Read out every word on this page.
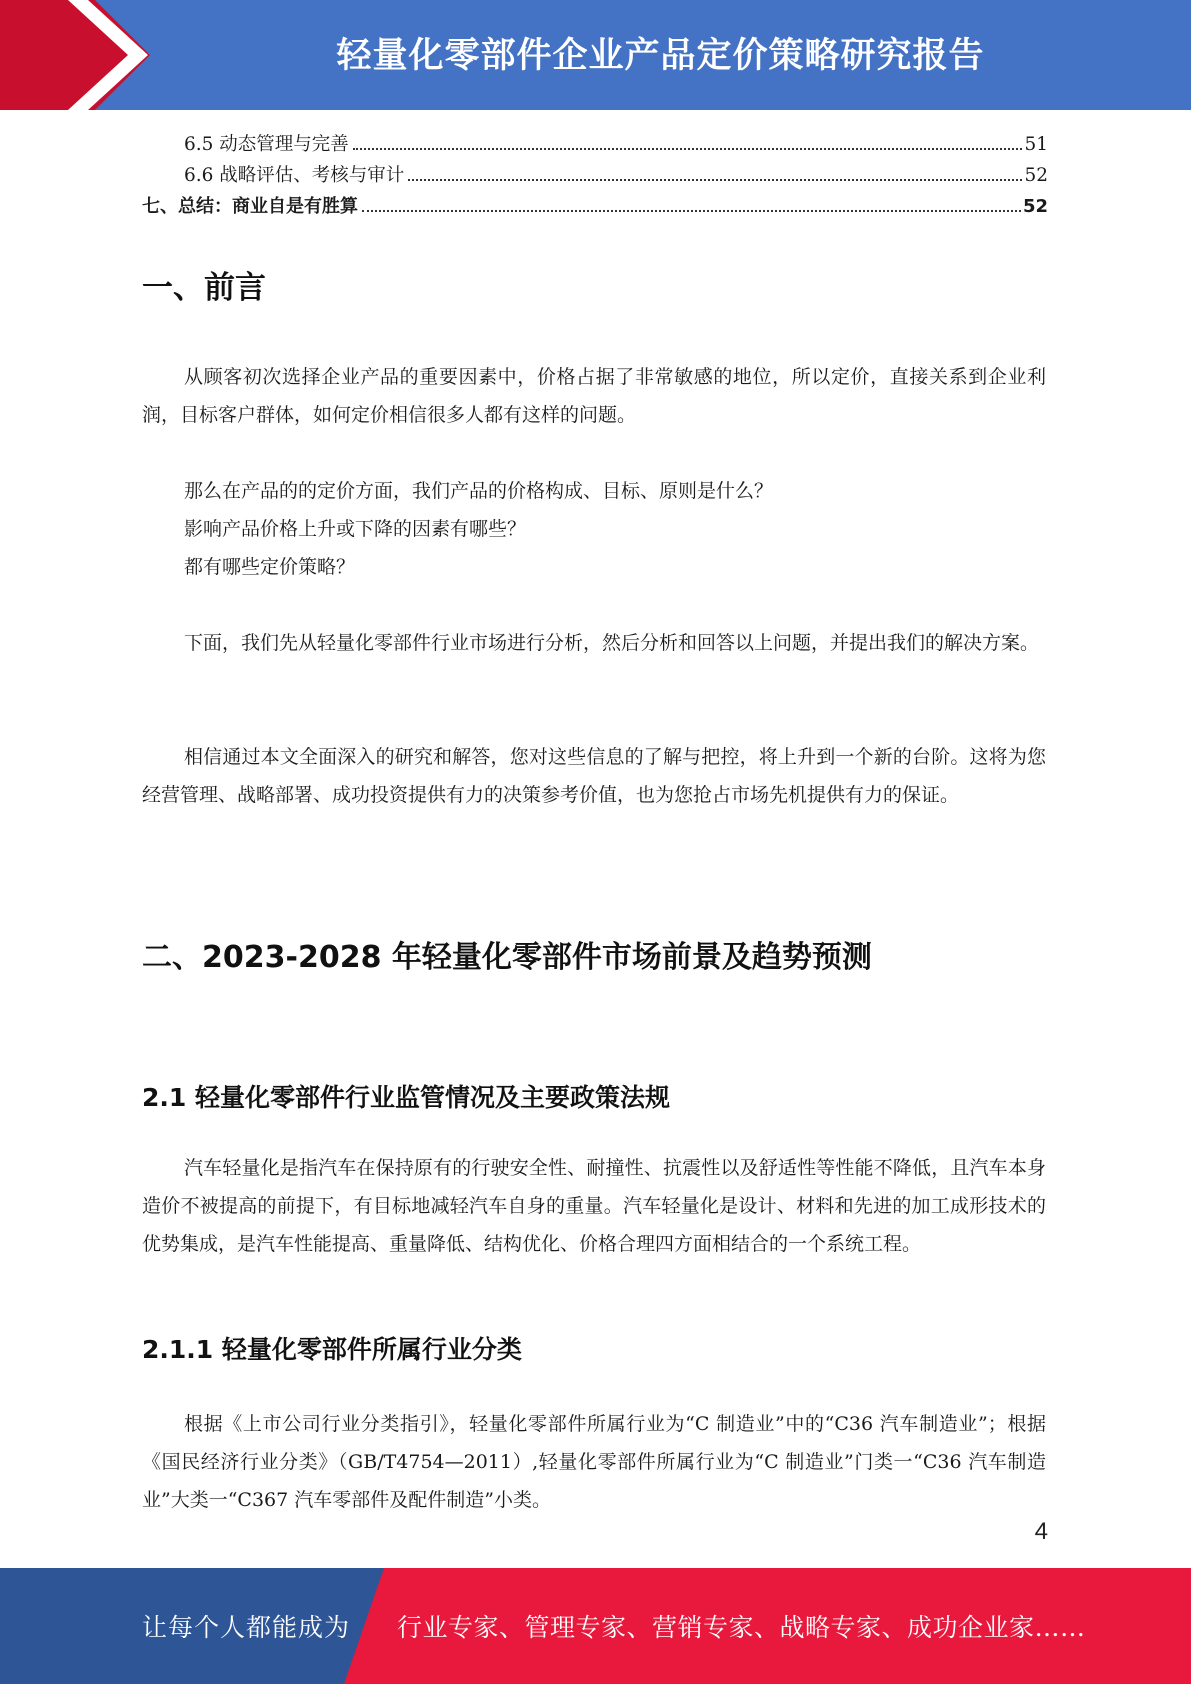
轻量化零部件企业产品定价策略研究报告
6.5 动态管理与完善	51
6.6 战略评估、考核与审计	52
七、总结：商业自是有胜算	52
一、前言

从顾客初次选择企业产品的重要因素中，价格占据了非常敏感的地位，所以定价，直接关系到企业利润，目标客户群体，如何定价相信很多人都有这样的问题。

那么在产品的的定价方面，我们产品的价格构成、目标、原则是什么？

影响产品价格上升或下降的因素有哪些？

都有哪些定价策略？

下面，我们先从轻量化零部件行业市场进行分析，然后分析和回答以上问题，并提出我们的解决方案。

相信通过本文全面深入的研究和解答，您对这些信息的了解与把控，将上升到一个新的台阶。这将为您经营管理、战略部署、成功投资提供有力的决策参考价值，也为您抢占市场先机提供有力的保证。

二、2023-2028 年轻量化零部件市场前景及趋势预测
2.1 轻量化零部件行业监管情况及主要政策法规

汽车轻量化是指汽车在保持原有的行驶安全性、耐撞性、抗震性以及舒适性等性能不降低，且汽车本身造价不被提高的前提下，有目标地减轻汽车自身的重量。汽车轻量化是设计、材料和先进的加工成形技术的优势集成，是汽车性能提高、重量降低、结构优化、价格合理四方面相结合的一个系统工程。

2.1.1 轻量化零部件所属行业分类

根据《上市公司行业分类指引》，轻量化零部件所属行业为“C 制造业”中的“C36 汽车制造业”；根据《国民经济行业分类》（GB/T4754—2011）,轻量化零部件所属行业为“C 制造业”门类一“C36 汽车制造业”大类一“C367 汽车零部件及配件制造”小类。

4
让每个人都能成为 行业专家、管理专家、营销专家、战略专家、成功企业家……
